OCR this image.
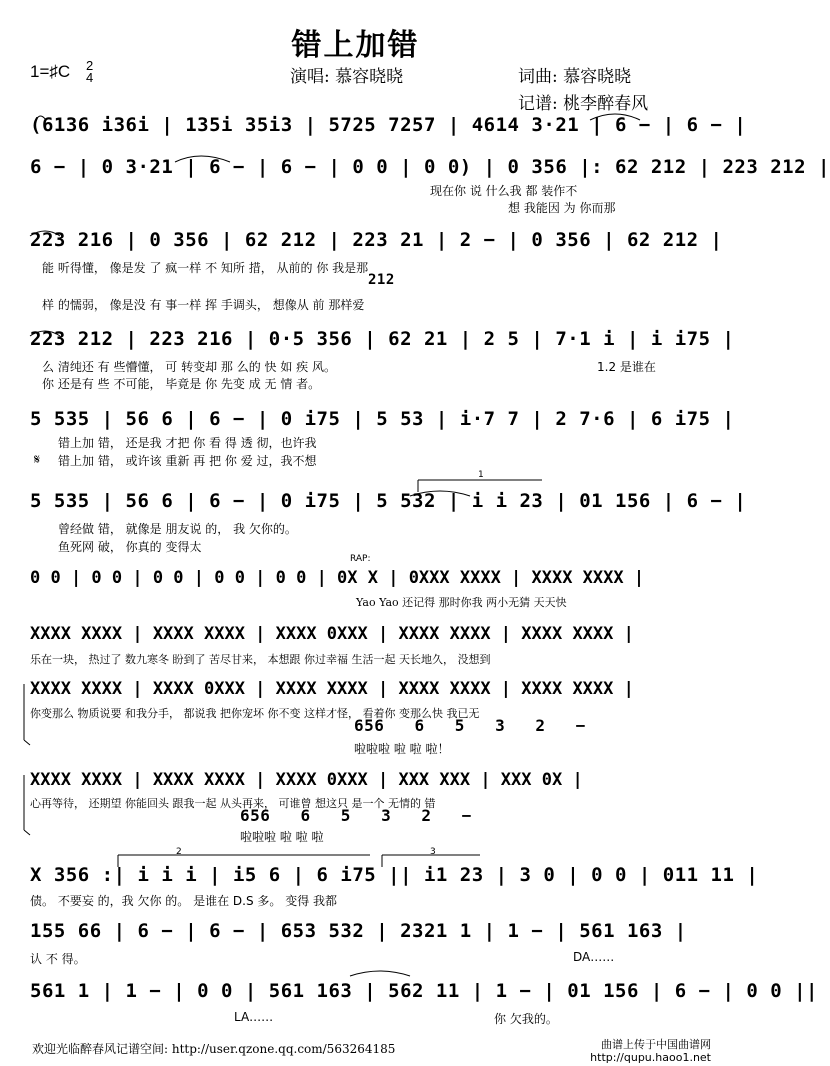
错上加错
1=♯C 2
4	演唱: 慕容晓晓	词曲: 慕容晓晓
记谱: 桃李醉春风
(6136 i36i | 135i 35i3 | 5725 7257 | 4614 3·21 | 6 − | 6 − |
6 − | 0 3·21 | 6 − | 6 − | 0 0 | 0 0) | 0 356 |: 62 212 | 223 212 |
现在你 说 什么我 都 装作不
想 我能因 为 你而那
223 216 | 0 356 | 62 212 | 223 21 | 2 − | 0 356 | 62 212 |
能 听得懂， 像是发 了 疯一样 不 知所 措， 从前的 你 我是那
212
样 的懦弱， 像是没 有 事一样 挥 手调头， 想像从 前 那样爱
223 212 | 223 216 | 0·5 356 | 62 21 | 2 5 | 7·1 i | i i75 |
么 清纯还 有 些懵懂， 可 转变却 那 么的 快 如 疾 风。	1.2 是谁在
你 还是有 些 不可能， 毕竟是 你 先变 成 无 情 者。
5 535 | 56 6 | 6 − | 0 i75 | 5 53 | i·7 7 | 2 7·6 | 6 i75 |
错上加 错， 还是我 才把 你 看 得 透 彻，也许我
𝄋 错上加 错， 或许该 重新 再 把 你 爱 过，我不想
5 535 | 56 6 | 6 − | 0 i75 | 5 532 | i i 23 | 01 156 | 6 − |
1
曾经做 错， 就像是 朋友说 的， 我 欠你的。
鱼死网 破， 你真的 变得太
RAP:
0 0 | 0 0 | 0 0 | 0 0 | 0 0 | 0X X | 0XXX XXXX | XXXX XXXX |
Yao Yao 还记得 那时你我 两小无猜 天天快
XXXX XXXX | XXXX XXXX | XXXX 0XXX | XXXX XXXX | XXXX XXXX |
乐在一块， 热过了 数九寒冬 盼到了 苦尽甘来， 本想跟 你过幸福 生活一起 天长地久， 没想到
XXXX XXXX | XXXX 0XXX | XXXX XXXX | XXXX XXXX | XXXX XXXX |
你变那么 物质说要 和我分手， 都说我 把你宠坏 你不变 这样才怪， 看着你 变那么快 我已无
656 6 5 3 2 −
啦啦啦 啦 啦 啦！
XXXX XXXX | XXXX XXXX | XXXX 0XXX | XXX XXX | XXX 0X |
心再等待， 还期望 你能回头 跟我一起 从头再来， 可谁曾 想这只 是一个 无情的 错
656 6 5 3 2 −
啦啦啦 啦 啦 啦
2	3
X 356 :| i i i | i5 6 | 6 i75 || i1 23 | 3 0 | 0 0 | 011 11 |
债。 不要妄 的，我 欠你 的。 是谁在 D.S 多。 变得 我都
155 66 | 6 − | 6 − | 653 532 | 2321 1 | 1 − | 561 163 |
认 不 得。	DA……
561 1 | 1 − | 0 0 | 561 163 | 562 11 | 1 − | 01 156 | 6 − | 0 0 ||
LA……	你 欠我的。
欢迎光临醉春风记谱空间: http://user.qzone.qq.com/563264185	曲谱上传于中国曲谱网
http://qupu.haoo1.net
